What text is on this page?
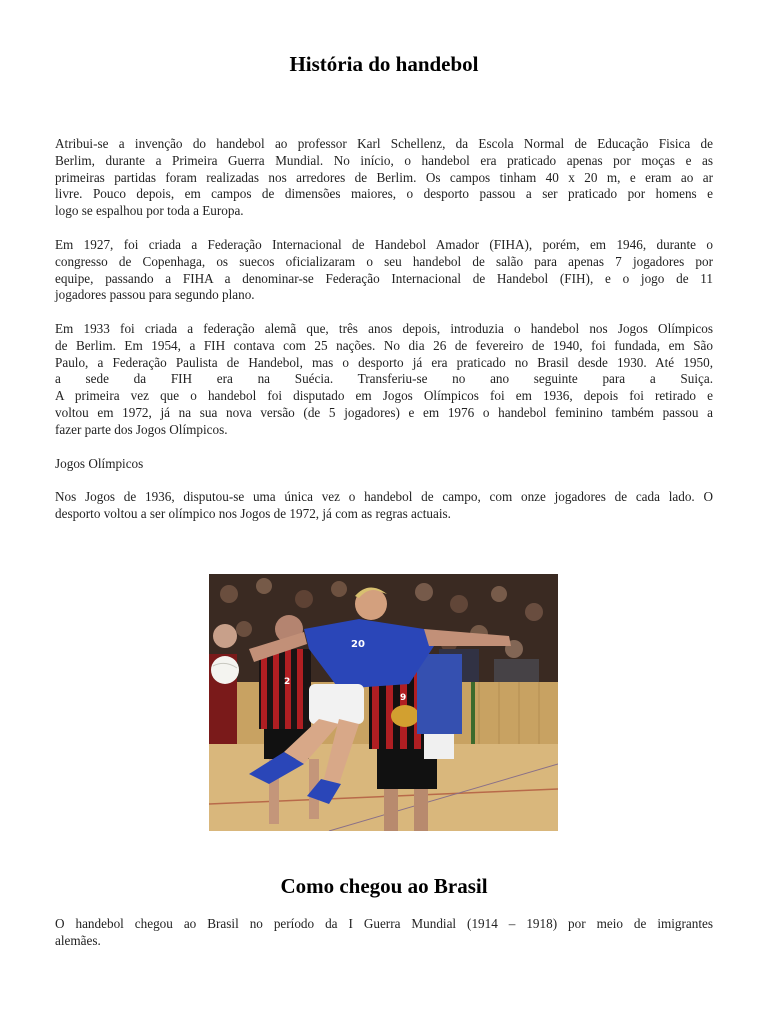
História do handebol

Atribui-se a invenção do handebol ao professor Karl Schellenz, da Escola Normal de Educação Fisica de
Berlim, durante a Primeira Guerra Mundial. No início, o handebol era praticado apenas por moças e as
primeiras partidas foram realizadas nos arredores de Berlim. Os campos tinham 40 x 20 m, e eram ao ar
livre. Pouco depois, em campos de dimensões maiores, o desporto passou a ser praticado por homens e
logo se espalhou por toda a Europa.

Em 1927, foi criada a Federação Internacional de Handebol Amador (FIHA), porém, em 1946, durante o
congresso de Copenhaga, os suecos oficializaram o seu handebol de salão para apenas 7 jogadores por
equipe, passando a FIHA a denominar-se Federação Internacional de Handebol (FIH), e o jogo de 11
jogadores passou para segundo plano.

Em 1933 foi criada a federação alemã que, três anos depois, introduzia o handebol nos Jogos Olímpicos
de Berlim. Em 1954, a FIH contava com 25 nações. No dia 26 de fevereiro de 1940, foi fundada, em São
Paulo, a Federação Paulista de Handebol, mas o desporto já era praticado no Brasil desde 1930. Até 1950,
a sede da FIH era na Suécia. Transferiu-se no ano seguinte para a Suiça.
A primeira vez que o handebol foi disputado em Jogos Olímpicos foi em 1936, depois foi retirado e
voltou em 1972, já na sua nova versão (de 5 jogadores) e em 1976 o handebol feminino também passou a
fazer parte dos Jogos Olímpicos.

Jogos Olímpicos

Nos Jogos de 1936, disputou-se uma única vez o handebol de campo, com onze jogadores de cada lado. O
desporto voltou a ser olímpico nos Jogos de 1972, já com as regras actuais.

20
2
9
Como chegou ao Brasil

O handebol chegou ao Brasil no período da I Guerra Mundial (1914 – 1918) por meio de imigrantes
alemães.
